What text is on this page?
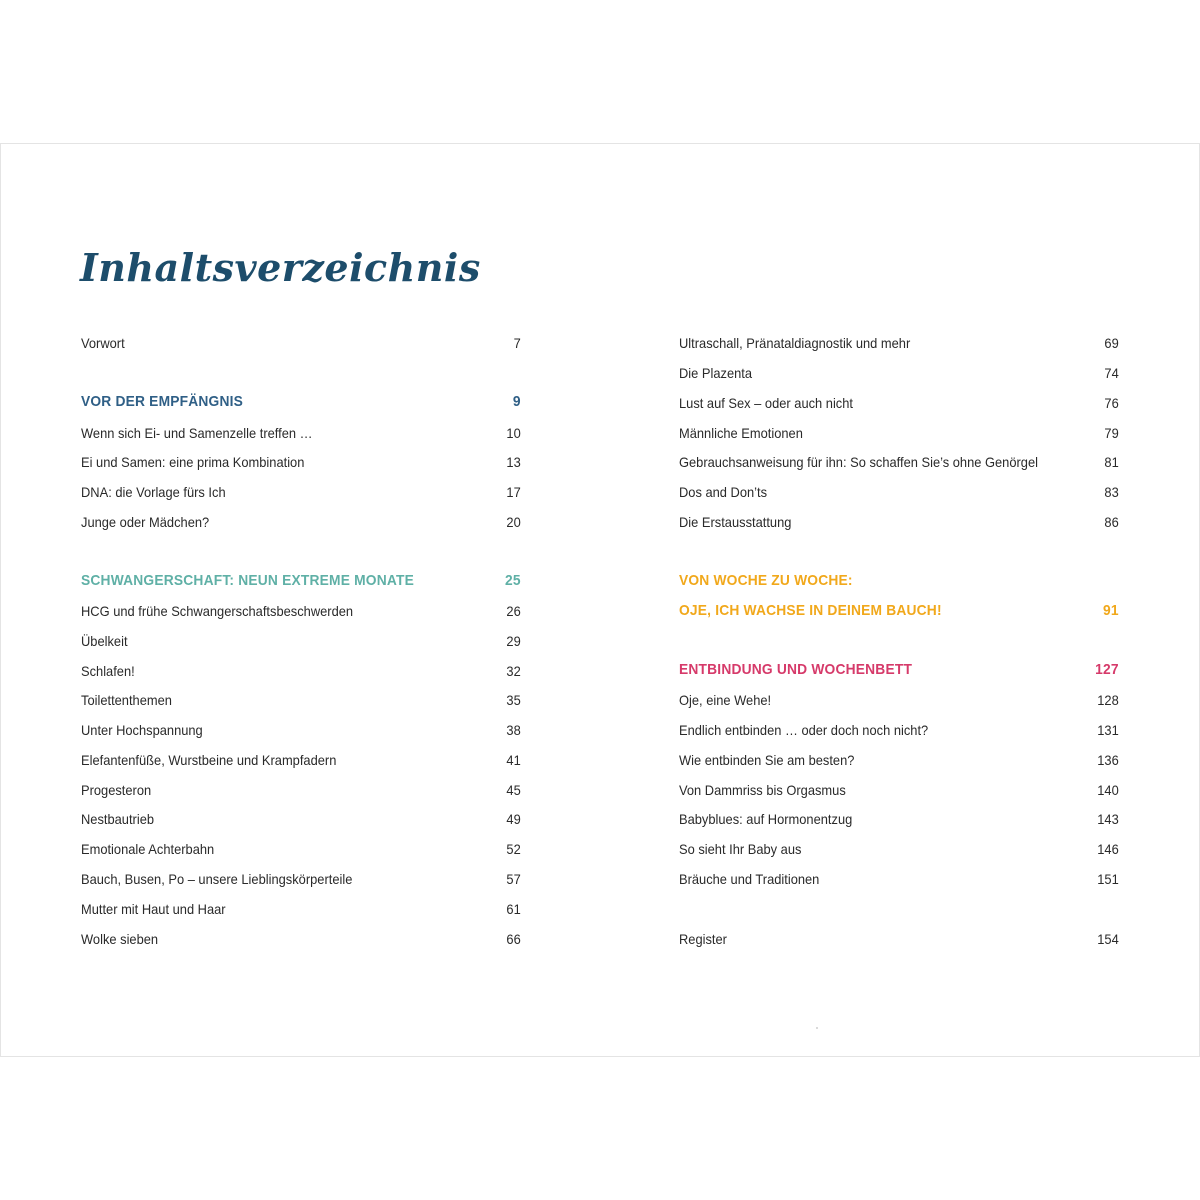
Inhaltsverzeichnis
Vorwort	7
VOR DER EMPFÄNGNIS	9
Wenn sich Ei- und Samenzelle treffen …	10
Ei und Samen: eine prima Kombination	13
DNA: die Vorlage fürs Ich	17
Junge oder Mädchen?	20
SCHWANGERSCHAFT: NEUN EXTREME MONATE	25
HCG und frühe Schwangerschaftsbeschwerden	26
Übelkeit	29
Schlafen!	32
Toilettenthemen	35
Unter Hochspannung	38
Elefantenfüße, Wurstbeine und Krampfadern	41
Progesteron	45
Nestbautrieb	49
Emotionale Achterbahn	52
Bauch, Busen, Po – unsere Lieblingskörperteile	57
Mutter mit Haut und Haar	61
Wolke sieben	66
Ultraschall, Pränataldiagnostik und mehr	69
Die Plazenta	74
Lust auf Sex – oder auch nicht	76
Männliche Emotionen	79
Gebrauchsanweisung für ihn: So schaffen Sie’s ohne Genörgel	81
Dos and Don’ts	83
Die Erstausstattung	86
VON WOCHE ZU WOCHE:
OJE, ICH WACHSE IN DEINEM BAUCH!	91
ENTBINDUNG UND WOCHENBETT	127
Oje, eine Wehe!	128
Endlich entbinden … oder doch noch nicht?	131
Wie entbinden Sie am besten?	136
Von Dammriss bis Orgasmus	140
Babyblues: auf Hormonentzug	143
So sieht Ihr Baby aus	146
Bräuche und Traditionen	151
Register	154
